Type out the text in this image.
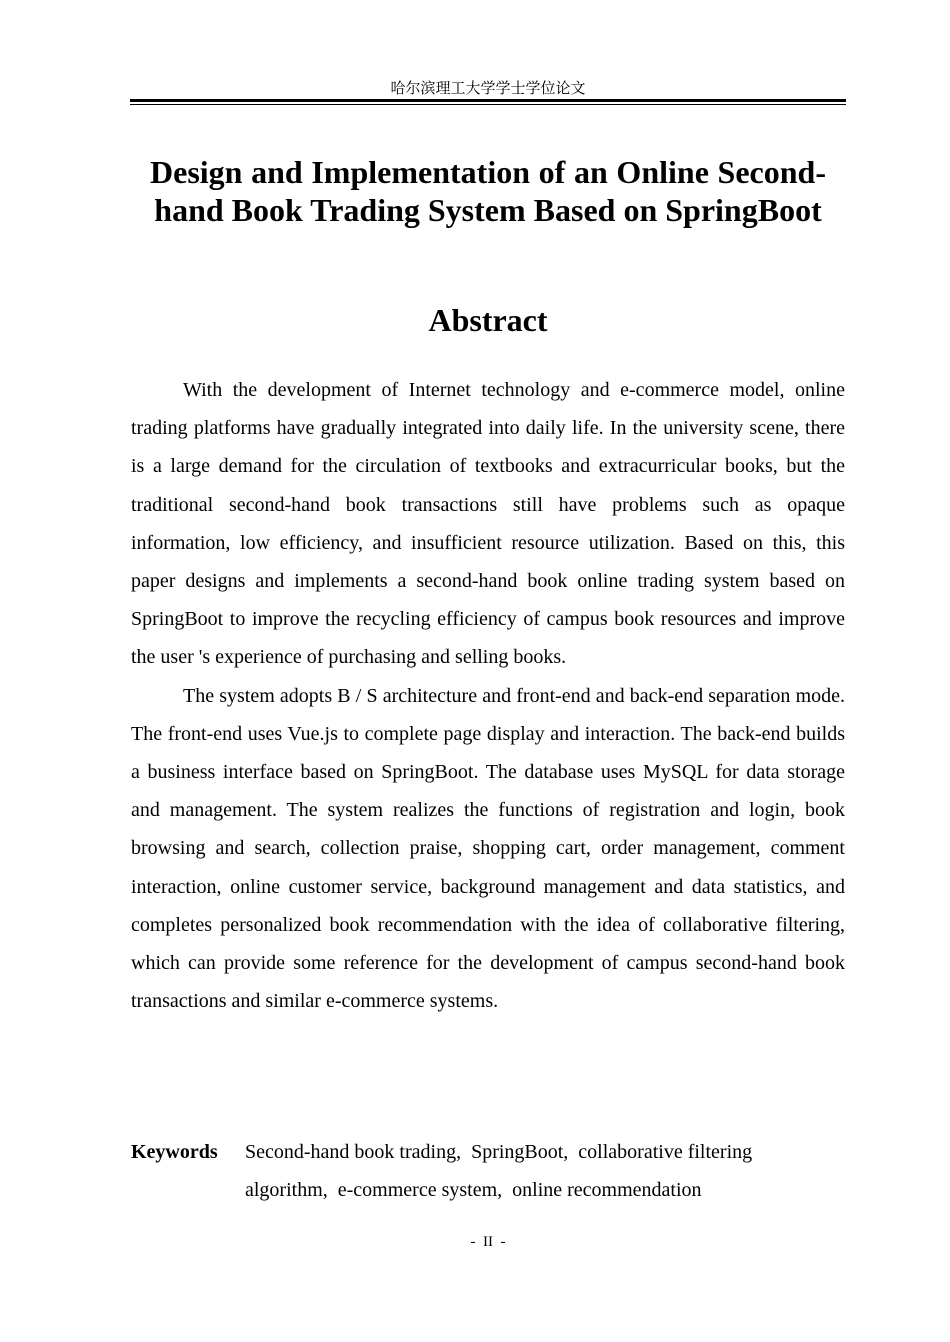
哈尔滨理工大学学士学位论文
Design and Implementation of an Online Second-hand Book Trading System Based on SpringBoot
Abstract

With the development of Internet technology and e-commerce model, online trading platforms have gradually integrated into daily life. In the university scene, there is a large demand for the circulation of textbooks and extracurricular books, but the traditional second-hand book transactions still have problems such as opaque information, low efficiency, and insufficient resource utilization. Based on this, this paper designs and implements a second-hand book online trading system based on SpringBoot to improve the recycling efficiency of campus book resources and improve the user 's experience of purchasing and selling books.

The system adopts B / S architecture and front-end and back-end separation mode. The front-end uses Vue.js to complete page display and interaction. The back-end builds a business interface based on SpringBoot. The database uses MySQL for data storage and management. The system realizes the functions of registration and login, book browsing and search, collection praise, shopping cart, order management, comment interaction, online customer service, background management and data statistics, and completes personalized book recommendation with the idea of collaborative filtering, which can provide some reference for the development of campus second-hand book transactions and similar e-commerce systems.

Keywords Second-hand book trading,  SpringBoot,  collaborative filtering
algorithm,  e-commerce system,  online recommendation
-  II  -
